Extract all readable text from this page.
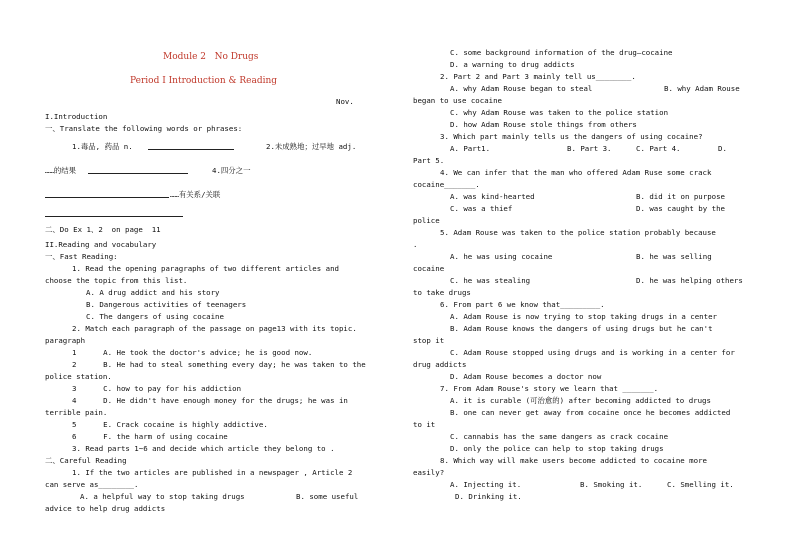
Module 2   No Drugs
Period I Introduction & Reading
Nov.
I.Introduction
一、Translate the following words or phrases:
1.毒品, 药品 n.	2.未成熟地；过早地 adj.
……的结果	4.四分之一
……有关系/关联
二、Do Ex 1、2  on page  11
II.Reading and vocabulary
一、Fast Reading:
1. Read the opening paragraphs of two different articles and
choose the topic from this list.
A. A drug addict and his story
B. Dangerous activities of teenagers
C. The dangers of using cocaine
2. Match each paragraph of the passage on page13 with its topic.
paragraph
1      A. He took the doctor's advice; he is good now.
2      B. He had to steal something every day; he was taken to the
police station.
3      C. how to pay for his addiction
4      D. He didn't have enough money for the drugs; he was in
terrible pain.
5      E. Crack cocaine is highly addictive.
6      F. the harm of using cocaine
3. Read parts 1~6 and decide which article they belong to .
二、Careful Reading
1. If the two articles are published in a newspager , Article 2
can serve as________.
A. a helpful way to stop taking drugs	B. some useful
advice to help drug addicts
C. some background information of the drug—cocaine
D. a warning to drug addicts
2. Part 2 and Part 3 mainly tell us________.
A. why Adam Rouse began to steal	B. why Adam Rouse
began to use cocaine
C. why Adam Rouse was taken to the police station
D. how Adam Rouse stole things from others
3. Which part mainly tells us the dangers of using cocaine?
A. Part1.	B. Part 3.	C. Part 4.	D.
Part 5.
4. We can infer that the man who offered Adam Ruse some crack
cocaine_______.
A. was kind-hearted	B. did it on purpose
C. was a thief	D. was caught by the
police
5. Adam Rouse was taken to the police station probably because
.
A. he was using cocaine	B. he was selling
cocaine
C. he was stealing	D. he was helping others
to take drugs
6. From part 6 we know that_________.
A. Adam Rouse is now trying to stop taking drugs in a center
B. Adam Rouse knows the dangers of using drugs but he can't
stop it
C. Adam Rouse stopped using drugs and is working in a center for
drug addicts
D. Adam Rouse becomes a doctor now
7. From Adam Rouse's story we learn that _______.
A. it is curable (可治愈的) after becoming addicted to drugs
B. one can never get away from cocaine once he becomes addicted
to it
C. cannabis has the same dangers as crack cocaine
D. only the police can help to stop taking drugs
8. Which way will make users become addicted to cocaine more
easily?
A. Injecting it.	B. Smoking it.	C. Smelling it.
D. Drinking it.
